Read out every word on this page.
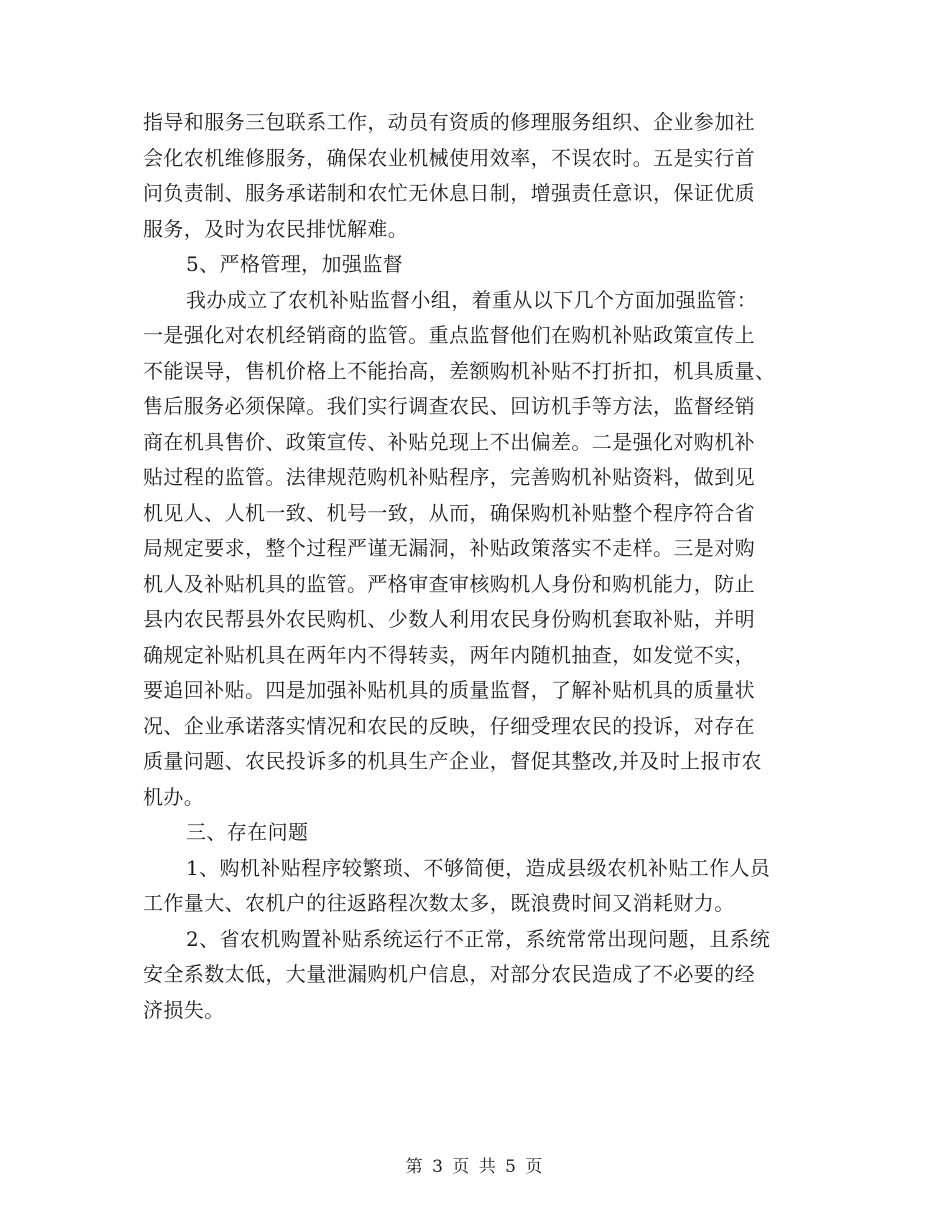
指导和服务三包联系工作，动员有资质的修理服务组织、企业参加社
会化农机维修服务，确保农业机械使用效率，不误农时。五是实行首
问负责制、服务承诺制和农忙无休息日制，增强责任意识，保证优质
服务，及时为农民排忧解难。
5、严格管理，加强监督
我办成立了农机补贴监督小组，着重从以下几个方面加强监管：
一是强化对农机经销商的监管。重点监督他们在购机补贴政策宣传上
不能误导，售机价格上不能抬高，差额购机补贴不打折扣，机具质量、
售后服务必须保障。我们实行调查农民、回访机手等方法，监督经销
商在机具售价、政策宣传、补贴兑现上不出偏差。二是强化对购机补
贴过程的监管。法律规范购机补贴程序，完善购机补贴资料，做到见
机见人、人机一致、机号一致，从而，确保购机补贴整个程序符合省
局规定要求，整个过程严谨无漏洞，补贴政策落实不走样。三是对购
机人及补贴机具的监管。严格审查审核购机人身份和购机能力，防止
县内农民帮县外农民购机、少数人利用农民身份购机套取补贴，并明
确规定补贴机具在两年内不得转卖，两年内随机抽查，如发觉不实，
要追回补贴。四是加强补贴机具的质量监督，了解补贴机具的质量状
况、企业承诺落实情况和农民的反映，仔细受理农民的投诉，对存在
质量问题、农民投诉多的机具生产企业，督促其整改,并及时上报市农
机办。
三、存在问题
1、购机补贴程序较繁琐、不够简便，造成县级农机补贴工作人员
工作量大、农机户的往返路程次数太多，既浪费时间又消耗财力。
2、省农机购置补贴系统运行不正常，系统常常出现问题，且系统
安全系数太低，大量泄漏购机户信息，对部分农民造成了不必要的经
济损失。
第 3 页 共 5 页
